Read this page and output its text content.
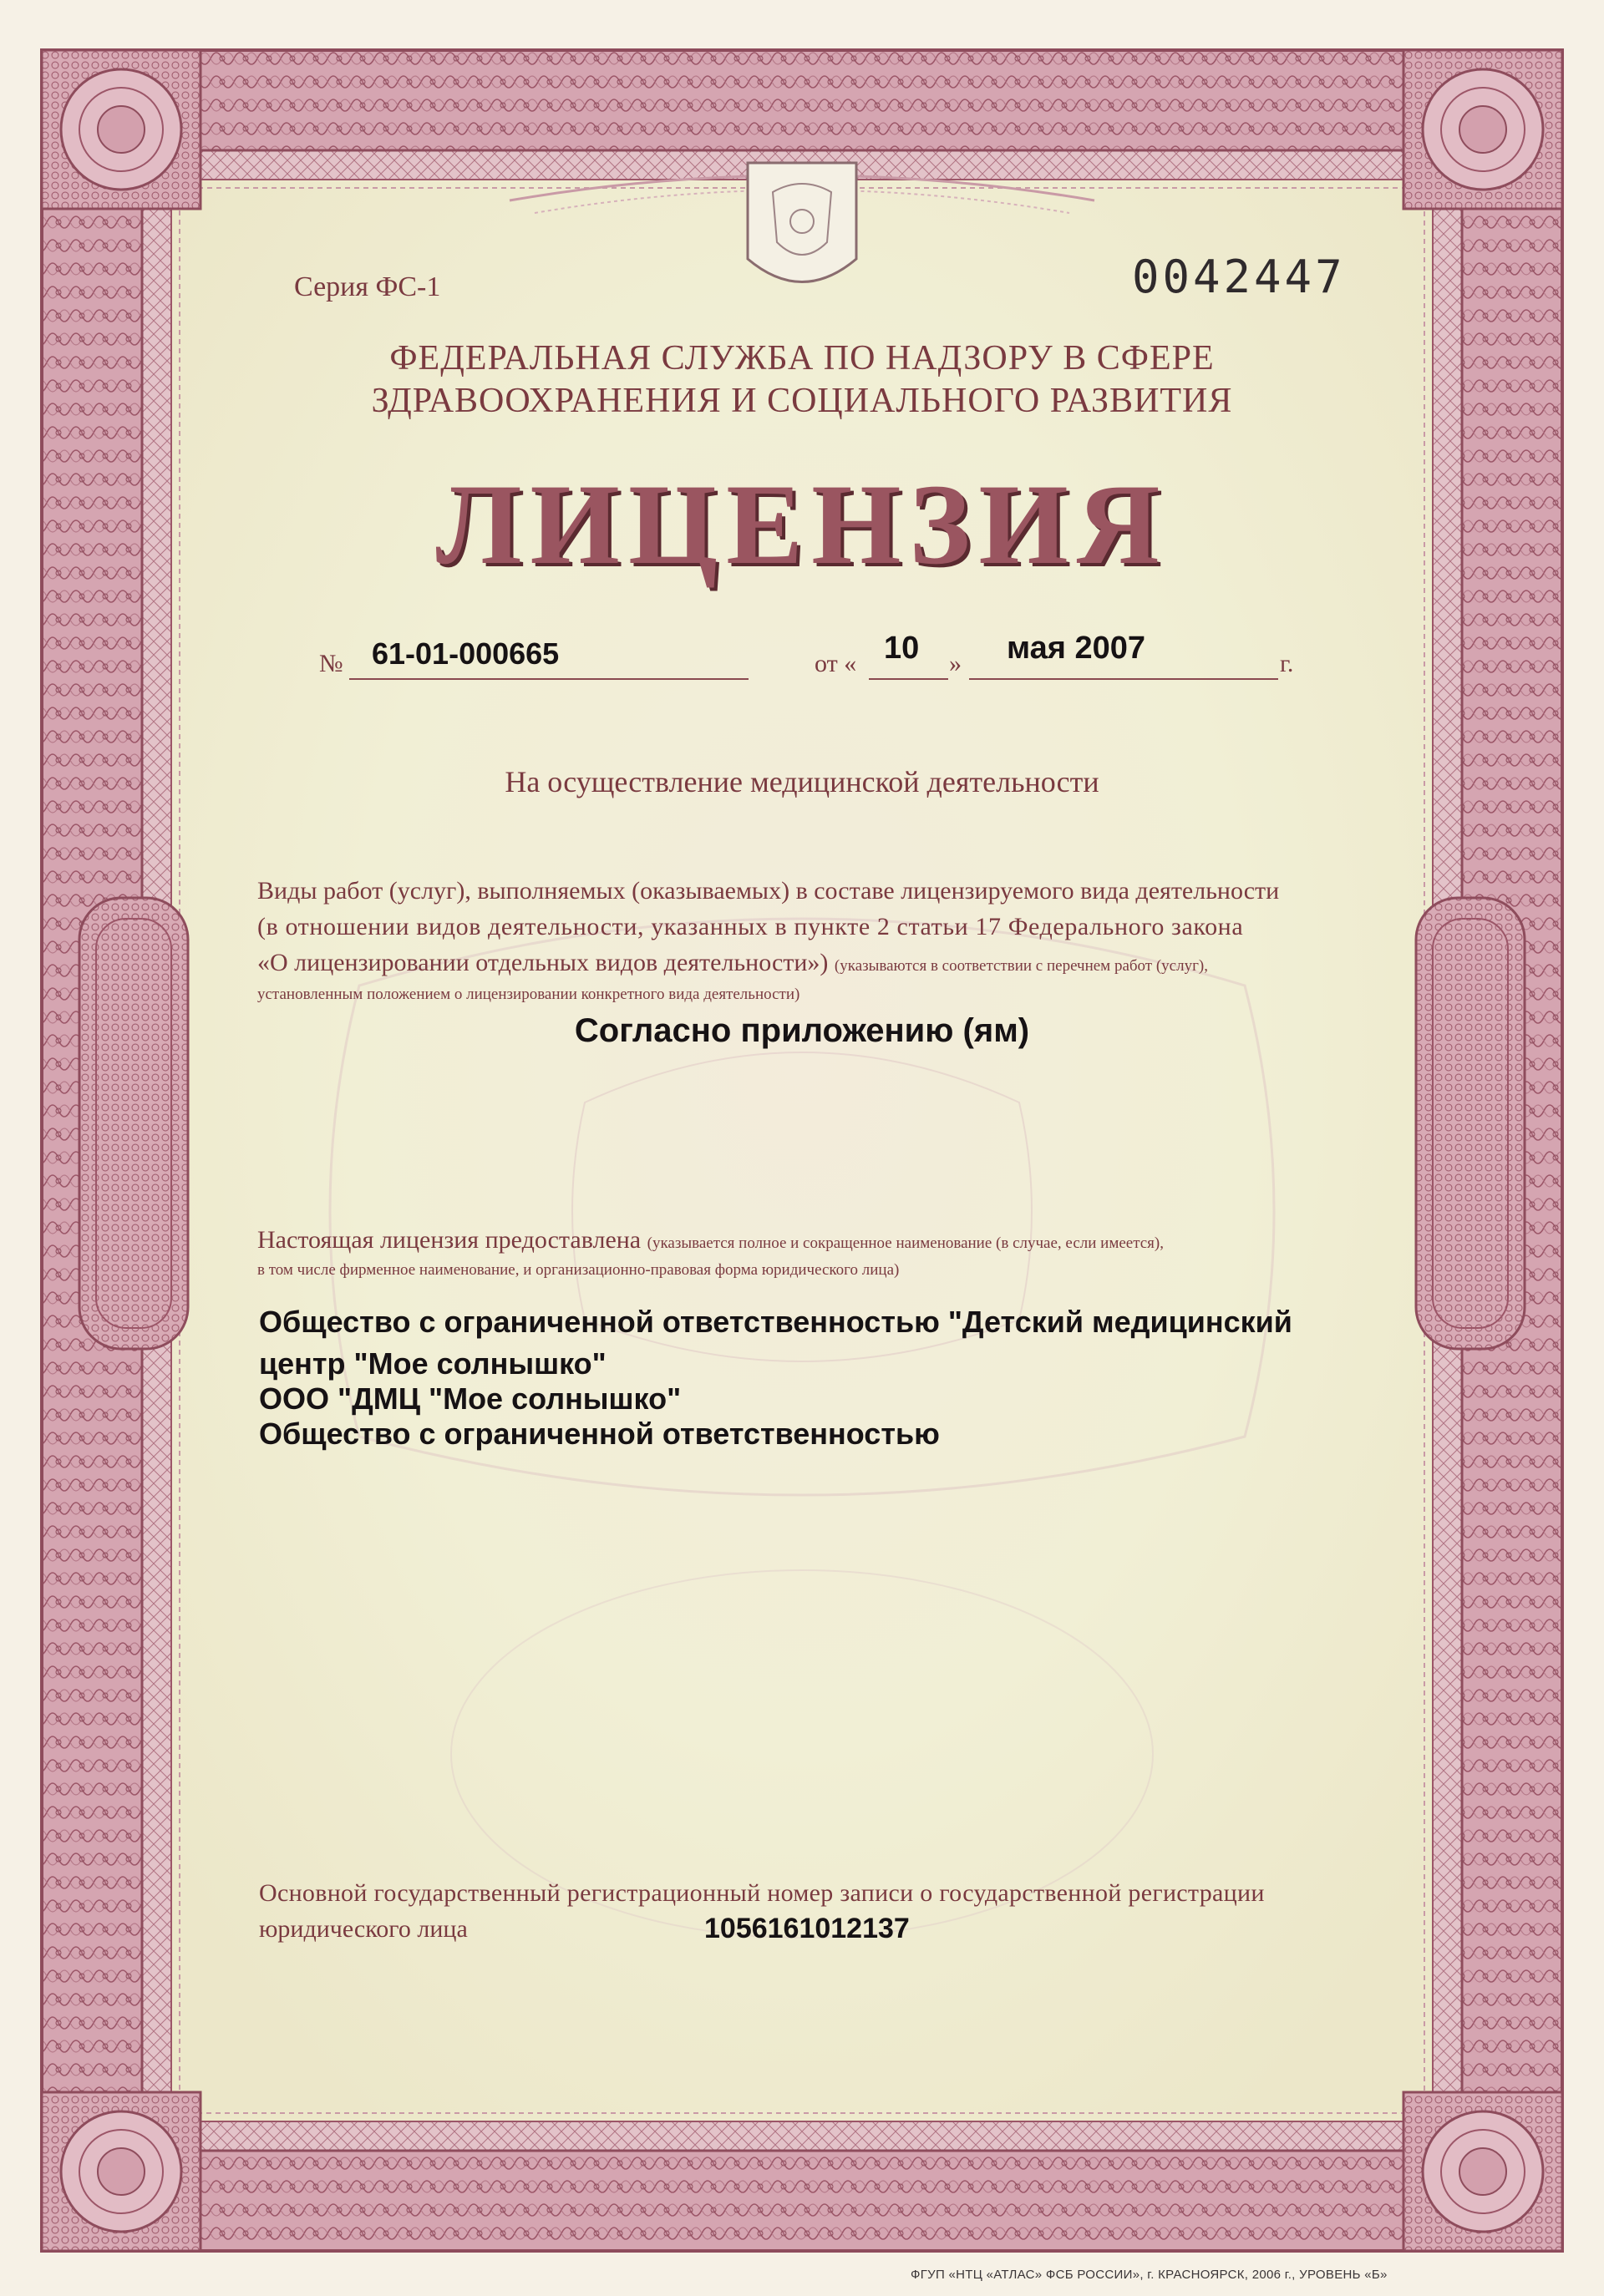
Серия ФС-1	0042447

ФЕДЕРАЛЬНАЯ СЛУЖБА ПО НАДЗОРУ В СФЕРЕ

ЗДРАВООХРАНЕНИЯ И СОЦИАЛЬНОГО РАЗВИТИЯ

ЛИЦЕНЗИЯ

№ 61-01-000665	от « 10 » мая 2007	г.

На осуществление медицинской деятельности

Виды работ (услуг), выполняемых (оказываемых) в составе лицензируемого вида деятельности

(в отношении видов деятельности, указанных в пункте 2 статьи 17 Федерального закона

«О лицензировании отдельных видов деятельности») (указываются в соответствии с перечнем работ (услуг),

установленным положением о лицензировании конкретного вида деятельности)

Согласно приложению (ям)

Настоящая лицензия предоставлена (указывается полное и сокращенное наименование (в случае, если имеется),

в том числе фирменное наименование, и организационно-правовая форма юридического лица)

Общество с ограниченной ответственностью "Детский медицинский

центр "Мое солнышко"

ООО "ДМЦ "Мое солнышко"

Общество с ограниченной ответственностью

Основной государственный регистрационный номер записи о государственной регистрации

юридического лица	1056161012137

ФГУП «НТЦ «АТЛАС» ФСБ РОССИИ», г. КРАСНОЯРСК, 2006 г., УРОВЕНЬ «Б»
